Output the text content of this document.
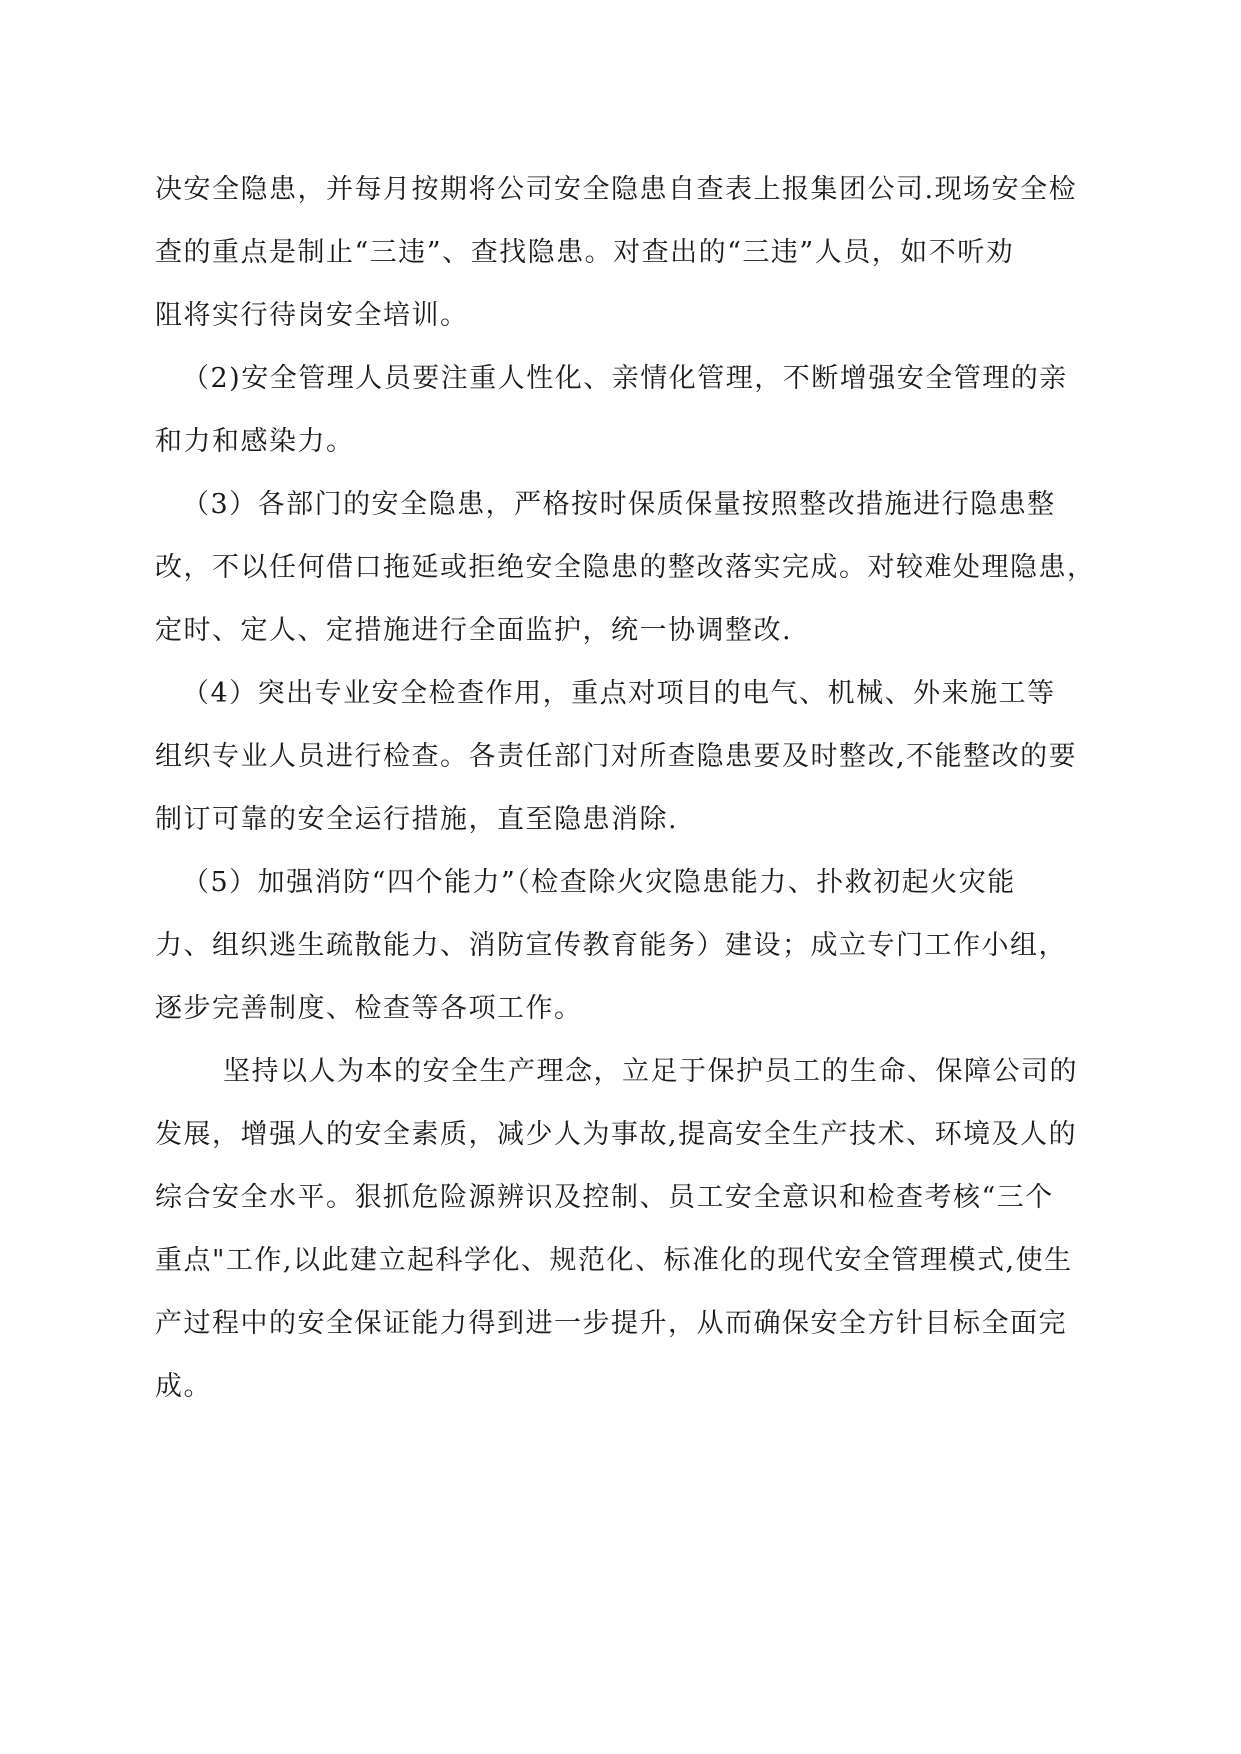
决安全隐患，并每月按期将公司安全隐患自查表上报集团公司.现场安全检
查的重点是制止“三违”、查找隐患。对查出的“三违”人员，如不听劝
阻将实行待岗安全培训。
（2)安全管理人员要注重人性化、亲情化管理，不断增强安全管理的亲
和力和感染力。
（3）各部门的安全隐患，严格按时保质保量按照整改措施进行隐患整
改，不以任何借口拖延或拒绝安全隐患的整改落实完成。对较难处理隐患，
定时、定人、定措施进行全面监护，统一协调整改.
（4）突出专业安全检查作用，重点对项目的电气、机械、外来施工等
组织专业人员进行检查。各责任部门对所查隐患要及时整改,不能整改的要
制订可靠的安全运行措施，直至隐患消除.
（5）加强消防“四个能力”（检查除火灾隐患能力、扑救初起火灾能
力、组织逃生疏散能力、消防宣传教育能务）建设；成立专门工作小组，
逐步完善制度、检查等各项工作。
坚持以人为本的安全生产理念，立足于保护员工的生命、保障公司的
发展，增强人的安全素质，减少人为事故,提高安全生产技术、环境及人的
综合安全水平。狠抓危险源辨识及控制、员工安全意识和检查考核“三个
重点"工作,以此建立起科学化、规范化、标准化的现代安全管理模式,使生
产过程中的安全保证能力得到进一步提升，从而确保安全方针目标全面完
成。
